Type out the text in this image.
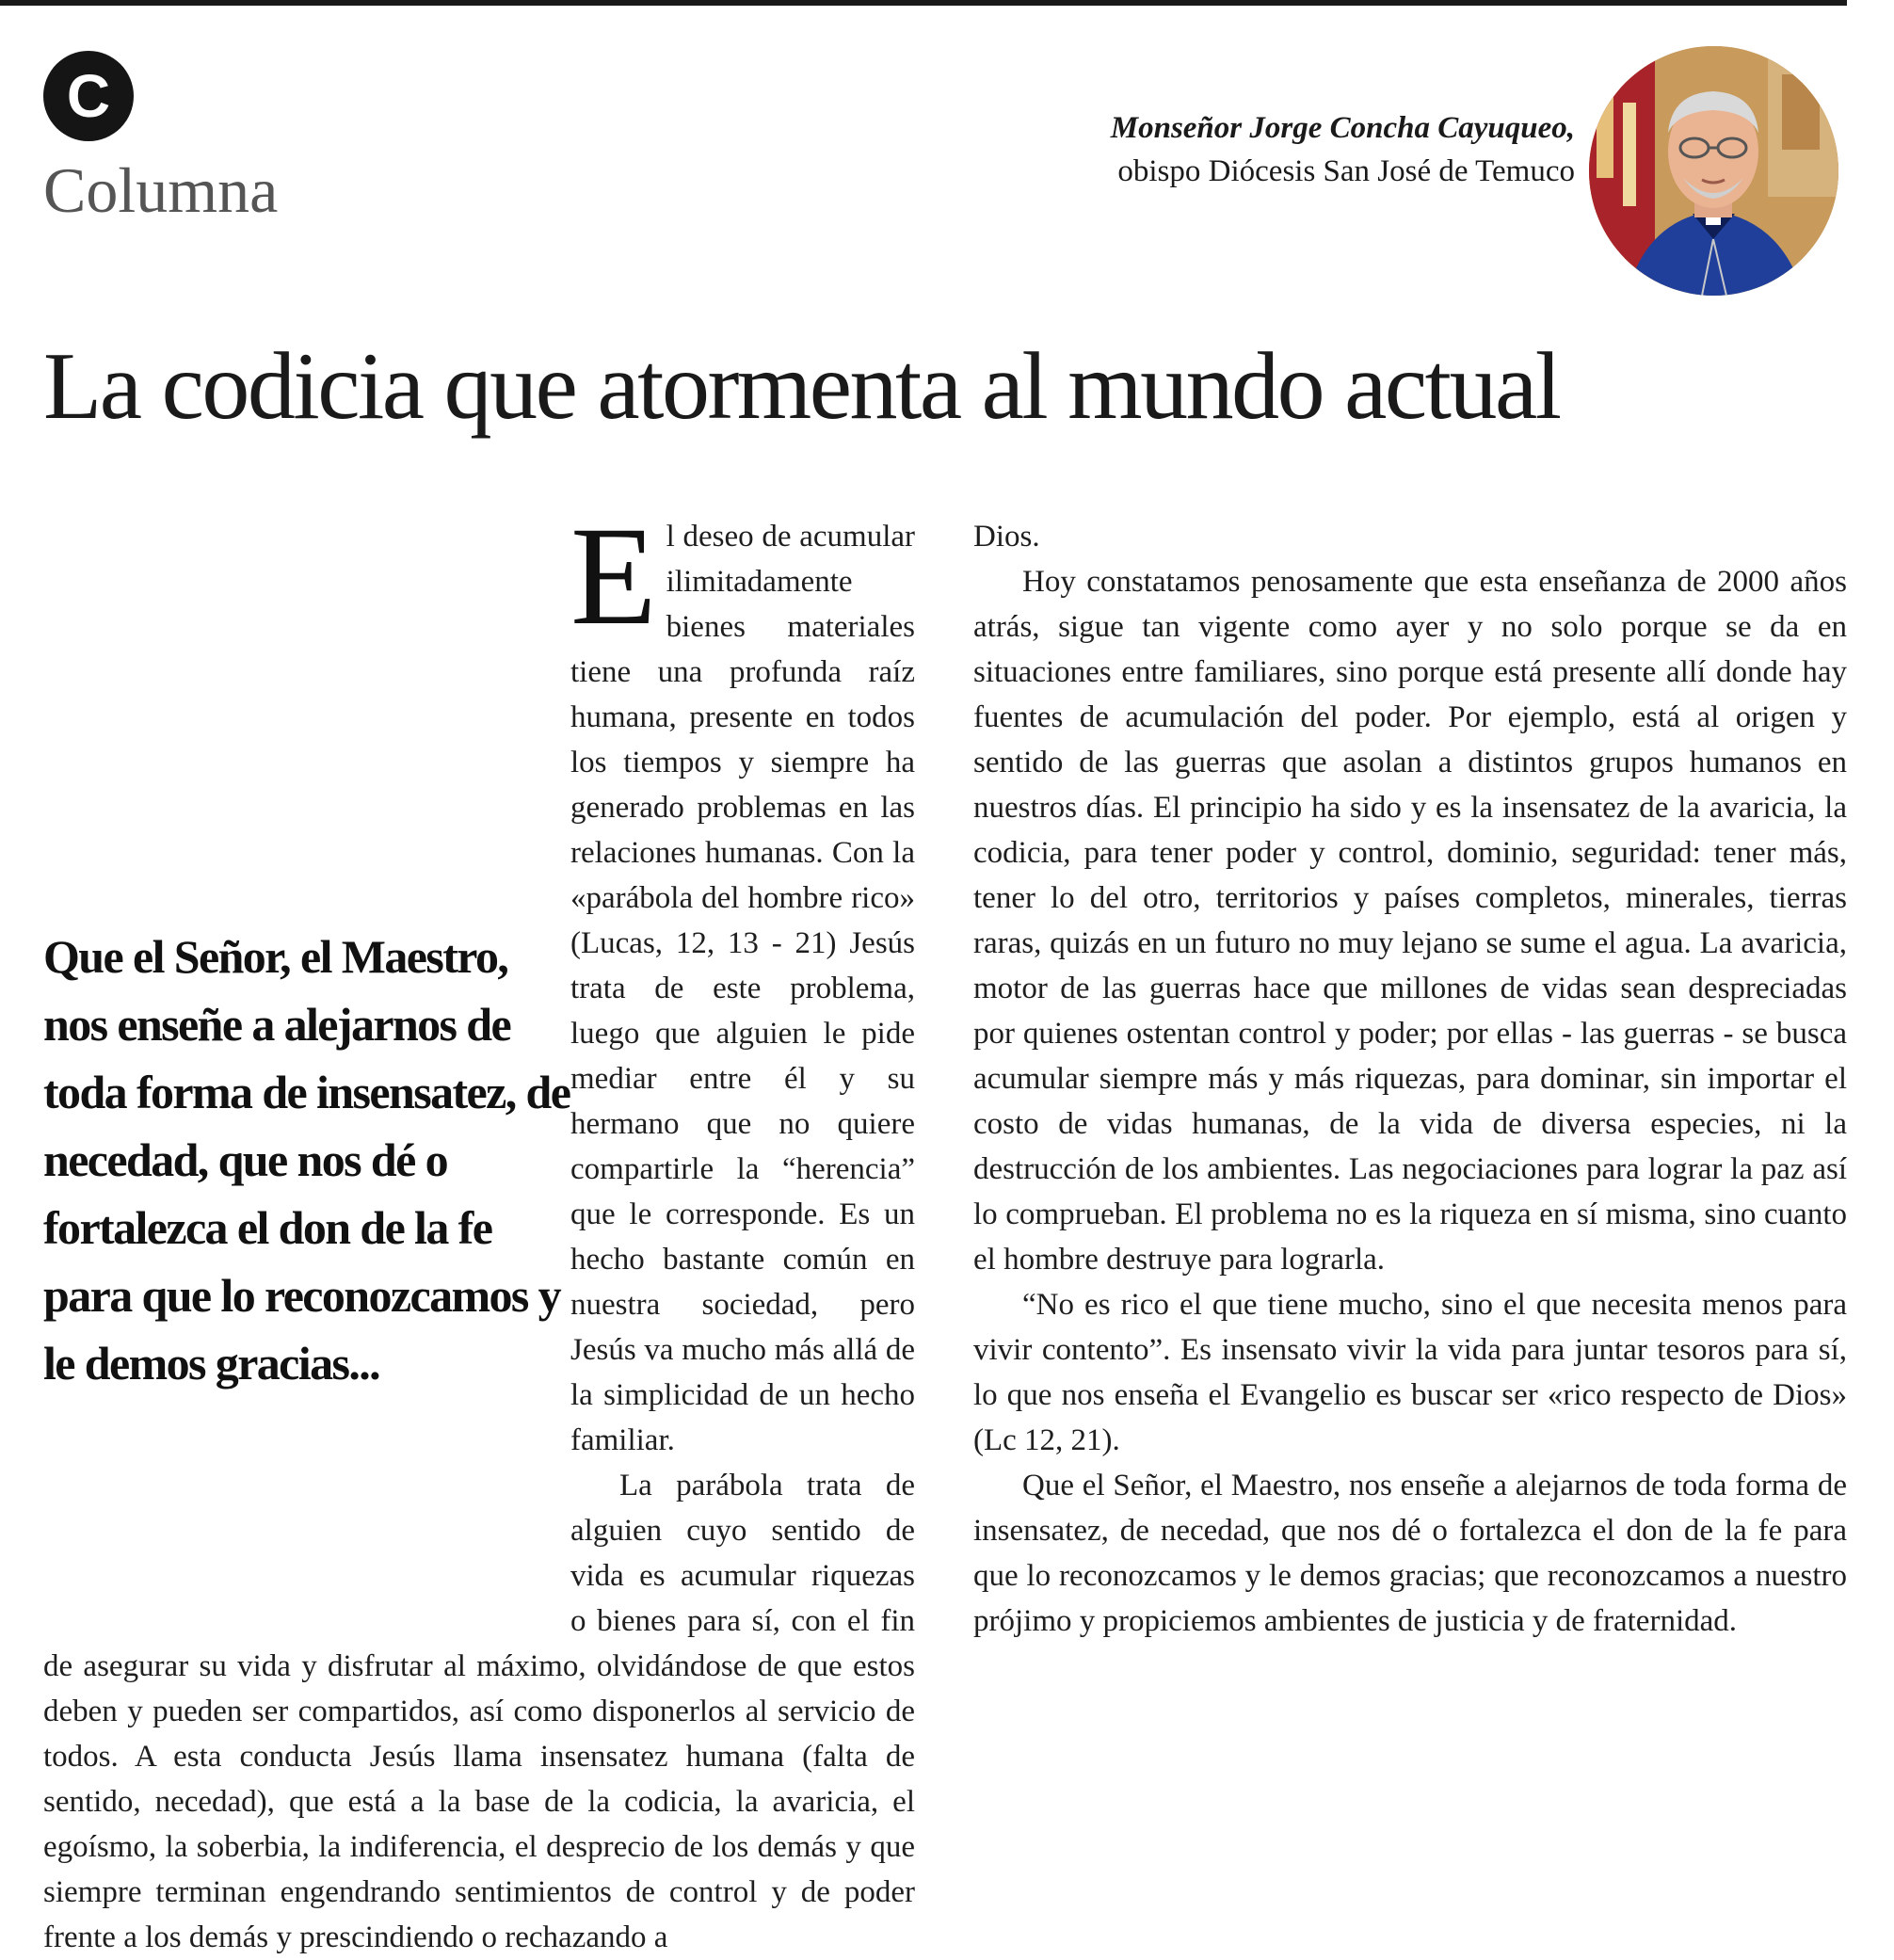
C
Columna
Monseñor Jorge Concha Cayuqueo,
obispo Diócesis San José de Temuco
La codicia que atormenta al mundo actual

El deseo de acumular ilimitadamente bienes materiales tiene una profunda raíz humana, presente en todos los tiempos y siempre ha generado problemas en las relaciones humanas. Con la «parábola del hombre rico» (Lucas, 12, 13 - 21) Jesús trata de este problema, luego que alguien le pide mediar entre él y su hermano que no quiere compartirle la “herencia” que le corresponde. Es un hecho bastante común en nuestra sociedad, pero Jesús va mucho más allá de la simplicidad de un hecho familiar.

La parábola trata de alguien cuyo sentido de vida es acumular riquezas o bienes para sí, con el fin de asegurar su vida y disfrutar al máximo, olvidándose de que estos deben y pueden ser compartidos, así como disponerlos al servicio de todos. A esta conducta Jesús llama insensatez humana (falta de sentido, necedad), que está a la base de la codicia, la avaricia, el egoísmo, la soberbia, la indiferencia, el desprecio de los demás y que siempre terminan engendrando sentimientos de control y de poder frente a los demás y prescindiendo o rechazando a

Que el Señor, el Maestro, nos enseñe a alejarnos de toda forma de insensatez, de necedad, que nos dé o fortalezca el don de la fe para que lo reconozcamos y le demos gracias...

Dios.

Hoy constatamos penosamente que esta enseñanza de 2000 años atrás, sigue tan vigente como ayer y no solo porque se da en situaciones entre familiares, sino porque está presente allí donde hay fuentes de acumulación del poder. Por ejemplo, está al origen y sentido de las guerras que asolan a distintos grupos humanos en nuestros días. El principio ha sido y es la insensatez de la avaricia, la codicia, para tener poder y control, dominio, seguridad: tener más, tener lo del otro, territorios y países completos, minerales, tierras raras, quizás en un futuro no muy lejano se sume el agua. La avaricia, motor de las guerras hace que millones de vidas sean despreciadas por quienes ostentan control y poder; por ellas - las guerras - se busca acumular siempre más y más riquezas, para dominar, sin importar el costo de vidas humanas, de la vida de diversa especies, ni la destrucción de los ambientes. Las negociaciones para lograr la paz así lo comprueban. El problema no es la riqueza en sí misma, sino cuanto el hombre destruye para lograrla.

“No es rico el que tiene mucho, sino el que necesita menos para vivir contento”. Es insensato vivir la vida para juntar tesoros para sí, lo que nos enseña el Evangelio es buscar ser «rico respecto de Dios» (Lc 12, 21).

Que el Señor, el Maestro, nos enseñe a alejarnos de toda forma de insensatez, de necedad, que nos dé o fortalezca el don de la fe para que lo reconozcamos y le demos gracias; que reconozcamos a nuestro prójimo y propiciemos ambientes de justicia y de fraternidad.
